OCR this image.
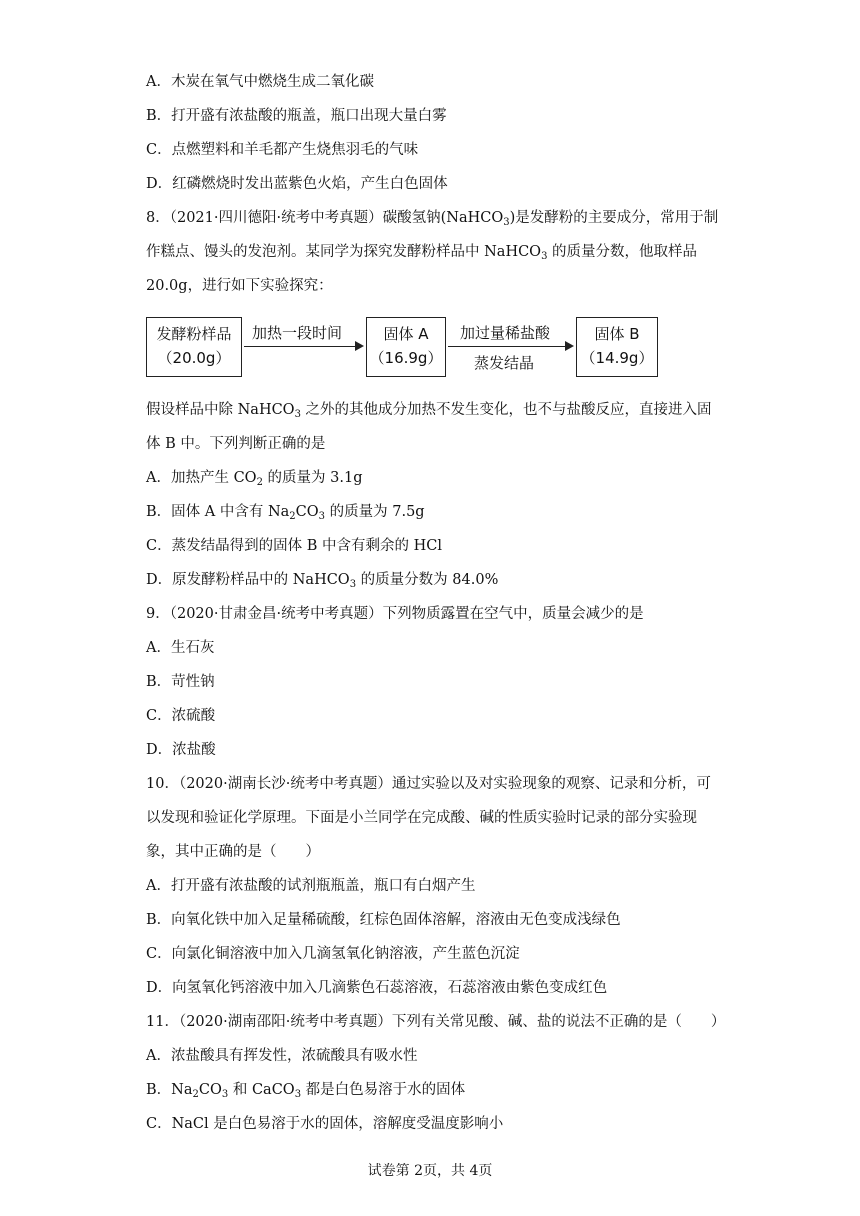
A．木炭在氧气中燃烧生成二氧化碳
B．打开盛有浓盐酸的瓶盖，瓶口出现大量白雾
C．点燃塑料和羊毛都产生烧焦羽毛的气味
D．红磷燃烧时发出蓝紫色火焰，产生白色固体
8．（2021·四川德阳·统考中考真题）碳酸氢钠(NaHCO$_3$)是发酵粉的主要成分，常用于制
作糕点、馒头的发泡剂。某同学为探究发酵粉样品中 NaHCO$_3$ 的质量分数，他取样品
20.0g，进行如下实验探究：
发酵粉样品
（20.0g）
加热一段时间	固体 A
（16.9g）
加过量稀盐酸
蒸发结晶
固体 B
（14.9g）
假设样品中除 NaHCO$_3$ 之外的其他成分加热不发生变化，也不与盐酸反应，直接进入固
体 B 中。下列判断正确的是
A．加热产生 $CO_2$ 的质量为 3.1g
B．固体 A 中含有 $Na_2CO_3$ 的质量为 7.5g
C．蒸发结晶得到的固体 B 中含有剩余的 HCl
D．原发酵粉样品中的 NaHCO$_3$ 的质量分数为 84.0%
9．（2020·甘肃金昌·统考中考真题）下列物质露置在空气中，质量会减少的是
A．生石灰
B．苛性钠
C．浓硫酸
D．浓盐酸
10．（2020·湖南长沙·统考中考真题）通过实验以及对实验现象的观察、记录和分析，可
以发现和验证化学原理。下面是小兰同学在完成酸、碱的性质实验时记录的部分实验现
象，其中正确的是（　　）
A．打开盛有浓盐酸的试剂瓶瓶盖，瓶口有白烟产生
B．向氧化铁中加入足量稀硫酸，红棕色固体溶解，溶液由无色变成浅绿色
C．向氯化铜溶液中加入几滴氢氧化钠溶液，产生蓝色沉淀
D．向氢氧化钙溶液中加入几滴紫色石蕊溶液，石蕊溶液由紫色变成红色
11．（2020·湖南邵阳·统考中考真题）下列有关常见酸、碱、盐的说法不正确的是（　　）
A．浓盐酸具有挥发性，浓硫酸具有吸水性
B．$Na_2CO_3$ 和 CaCO$_3$ 都是白色易溶于水的固体
C．NaCl 是白色易溶于水的固体，溶解度受温度影响小
试卷第 2页，共 4页
